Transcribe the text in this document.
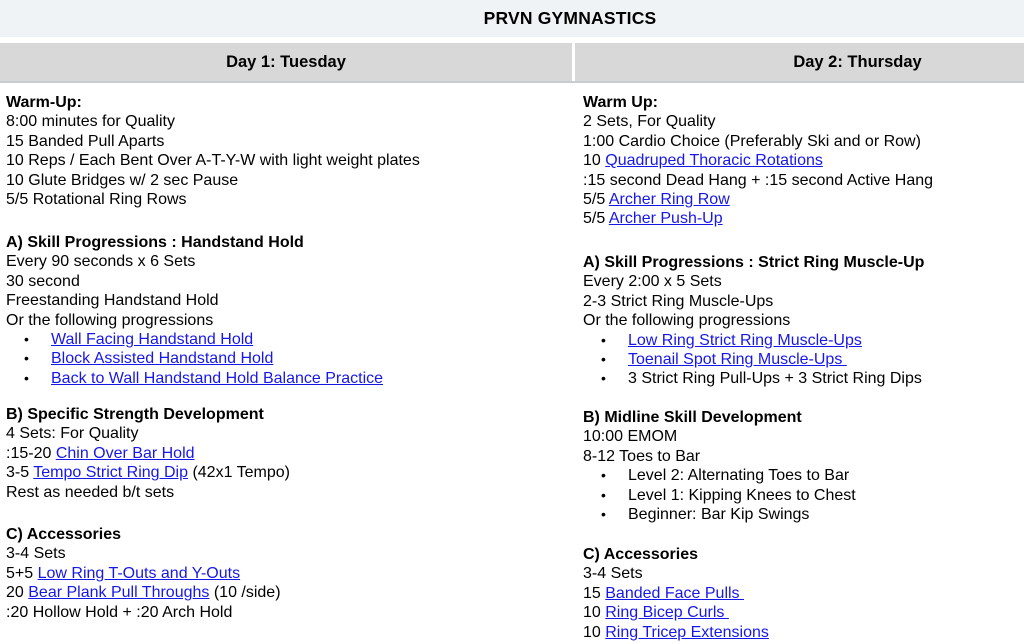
PRVN GYMNASTICS
Day 1: Tuesday	Day 2: Thursday
Warm-Up:
8:00 minutes for Quality
15 Banded Pull Aparts
10 Reps / Each Bent Over A-T-Y-W with light weight plates
10 Glute Bridges w/ 2 sec Pause
5/5 Rotational Ring Rows
A) Skill Progressions : Handstand Hold
Every 90 seconds x 6 Sets
30 second
Freestanding Handstand Hold
Or the following progressions
• Wall Facing Handstand Hold
• Block Assisted Handstand Hold
• Back to Wall Handstand Hold Balance Practice
B) Specific Strength Development
4 Sets: For Quality
:15-20 Chin Over Bar Hold
3-5 Tempo Strict Ring Dip (42x1 Tempo)
Rest as needed b/t sets
C) Accessories
3-4 Sets
5+5 Low Ring T-Outs and Y-Outs
20 Bear Plank Pull Throughs (10 /side)
:20 Hollow Hold + :20 Arch Hold
Warm Up:
2 Sets, For Quality
1:00 Cardio Choice (Preferably Ski and or Row)
10 Quadruped Thoracic Rotations
:15 second Dead Hang + :15 second Active Hang
5/5 Archer Ring Row
5/5 Archer Push-Up
A) Skill Progressions : Strict Ring Muscle-Up
Every 2:00 x 5 Sets
2-3 Strict Ring Muscle-Ups
Or the following progressions
• Low Ring Strict Ring Muscle-Ups
• Toenail Spot Ring Muscle-Ups
• 3 Strict Ring Pull-Ups + 3 Strict Ring Dips
B) Midline Skill Development
10:00 EMOM
8-12 Toes to Bar
• Level 2: Alternating Toes to Bar
• Level 1: Kipping Knees to Chest
• Beginner: Bar Kip Swings
C) Accessories
3-4 Sets
15 Banded Face Pulls
10 Ring Bicep Curls
10 Ring Tricep Extensions
